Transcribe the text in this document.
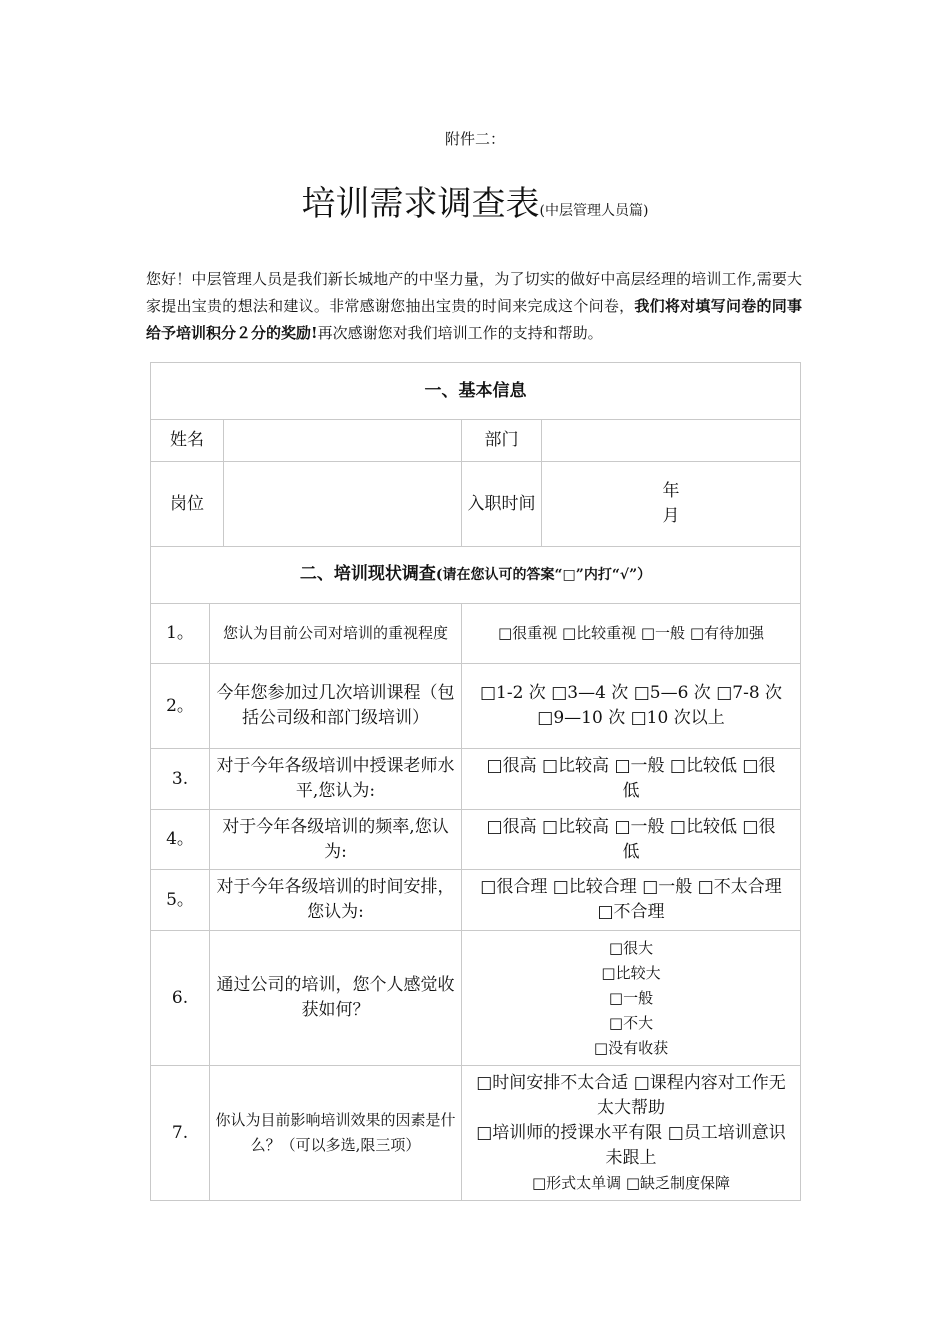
附件二：
培训需求调查表(中层管理人员篇)
您好！中层管理人员是我们新长城地产的中坚力量，为了切实的做好中高层经理的培训工作,需要大家提出宝贵的想法和建议。非常感谢您抽出宝贵的时间来完成这个问卷，我们将对填写问卷的同事给予培训积分２分的奖励!再次感谢您对我们培训工作的支持和帮助。
一、基本信息				
姓名			部门	
岗位			入职时间	年
月

二、培训现状调查(请在您认可的答案“□”内打“√”）				
1。	您认为目前公司对培训的重视程度		□很重视 □比较重视 □一般 □有待加强	

2。	今年您参加过几次培训课程（包括公司级和部门级培训）		□1-2 次 □3—4 次 □5—6 次 □7-8 次
□9—10 次 □10 次以上	

3.	对于今年各级培训中授课老师水平,您认为:		□很高 □比较高 □一般 □比较低 □很
低	

4。	对于今年各级培训的频率,您认为:		□很高 □比较高 □一般 □比较低 □很
低	

5。	对于今年各级培训的时间安排，您认为:		□很合理 □比较合理 □一般 □不太合理
□不合理	

6.	通过公司的培训，您个人感觉收获如何？		□很大
□比较大
□一般
□不大
□没有收获	

7.	你认为目前影响培训效果的因素是什么？（可以多选,限三项）		□时间安排不太合适 □课程内容对工作无
太大帮助
□培训师的授课水平有限 □员工培训意识
未跟上
□形式太单调 □缺乏制度保障	
